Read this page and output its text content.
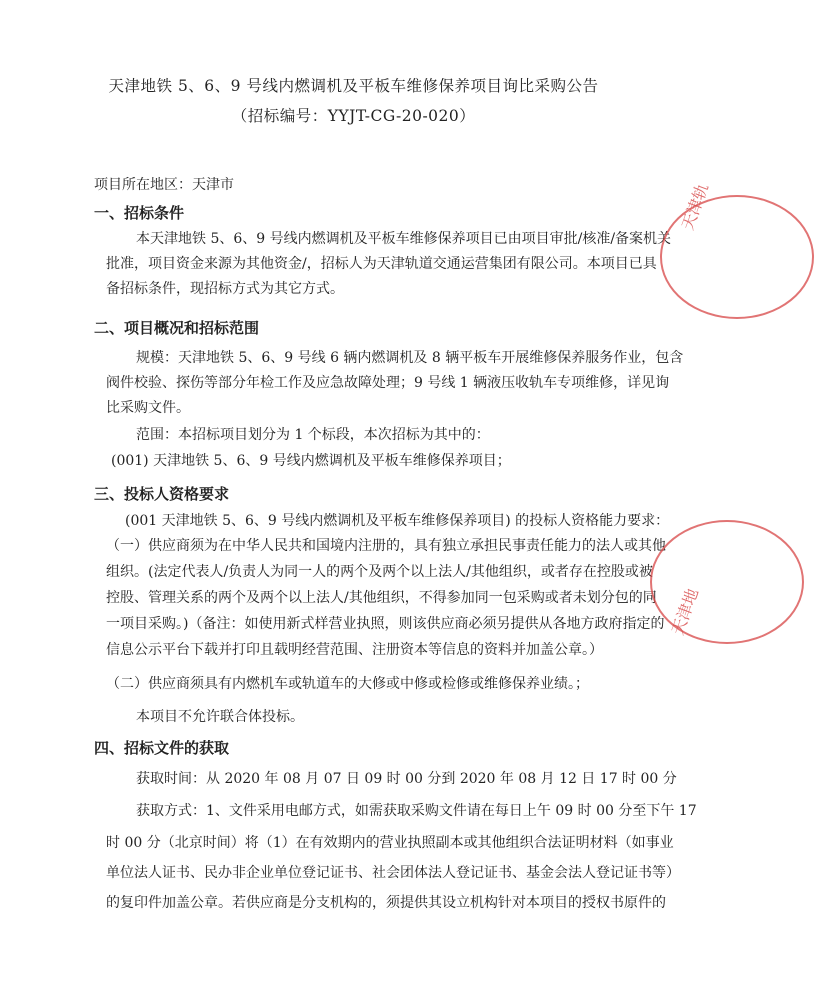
天津地铁 5、6、9 号线内燃调机及平板车维修保养项目询比采购公告
（招标编号：YYJT-CG-20-020）
项目所在地区：天津市
一、招标条件
本天津地铁 5、6、9 号线内燃调机及平板车维修保养项目已由项目审批/核准/备案机关
批准，项目资金来源为其他资金/，招标人为天津轨道交通运营集团有限公司。本项目已具
备招标条件，现招标方式为其它方式。
二、项目概况和招标范围
规模：天津地铁 5、6、9 号线 6 辆内燃调机及 8 辆平板车开展维修保养服务作业，包含
阀件校验、探伤等部分年检工作及应急故障处理；9 号线 1 辆液压收轨车专项维修，详见询
比采购文件。
范围：本招标项目划分为 1 个标段，本次招标为其中的：
(001) 天津地铁 5、6、9 号线内燃调机及平板车维修保养项目；
三、投标人资格要求
(001 天津地铁 5、6、9 号线内燃调机及平板车维修保养项目) 的投标人资格能力要求：
（一）供应商须为在中华人民共和国境内注册的，具有独立承担民事责任能力的法人或其他
组织。(法定代表人/负责人为同一人的两个及两个以上法人/其他组织，或者存在控股或被
控股、管理关系的两个及两个以上法人/其他组织，不得参加同一包采购或者未划分包的同
一项目采购。)（备注：如使用新式样营业执照，则该供应商必须另提供从各地方政府指定的
信息公示平台下载并打印且载明经营范围、注册资本等信息的资料并加盖公章。）
（二）供应商须具有内燃机车或轨道车的大修或中修或检修或维修保养业绩。；
本项目不允许联合体投标。
四、招标文件的获取
获取时间：从 2020 年 08 月 07 日 09 时 00 分到 2020 年 08 月 12 日 17 时 00 分
获取方式：1、文件采用电邮方式，如需获取采购文件请在每日上午 09 时 00 分至下午 17
时 00 分（北京时间）将（1）在有效期内的营业执照副本或其他组织合法证明材料（如事业
单位法人证书、民办非企业单位登记证书、社会团体法人登记证书、基金会法人登记证书等）
的复印件加盖公章。若供应商是分支机构的，须提供其设立机构针对本项目的授权书原件的
天津轨
天津地
